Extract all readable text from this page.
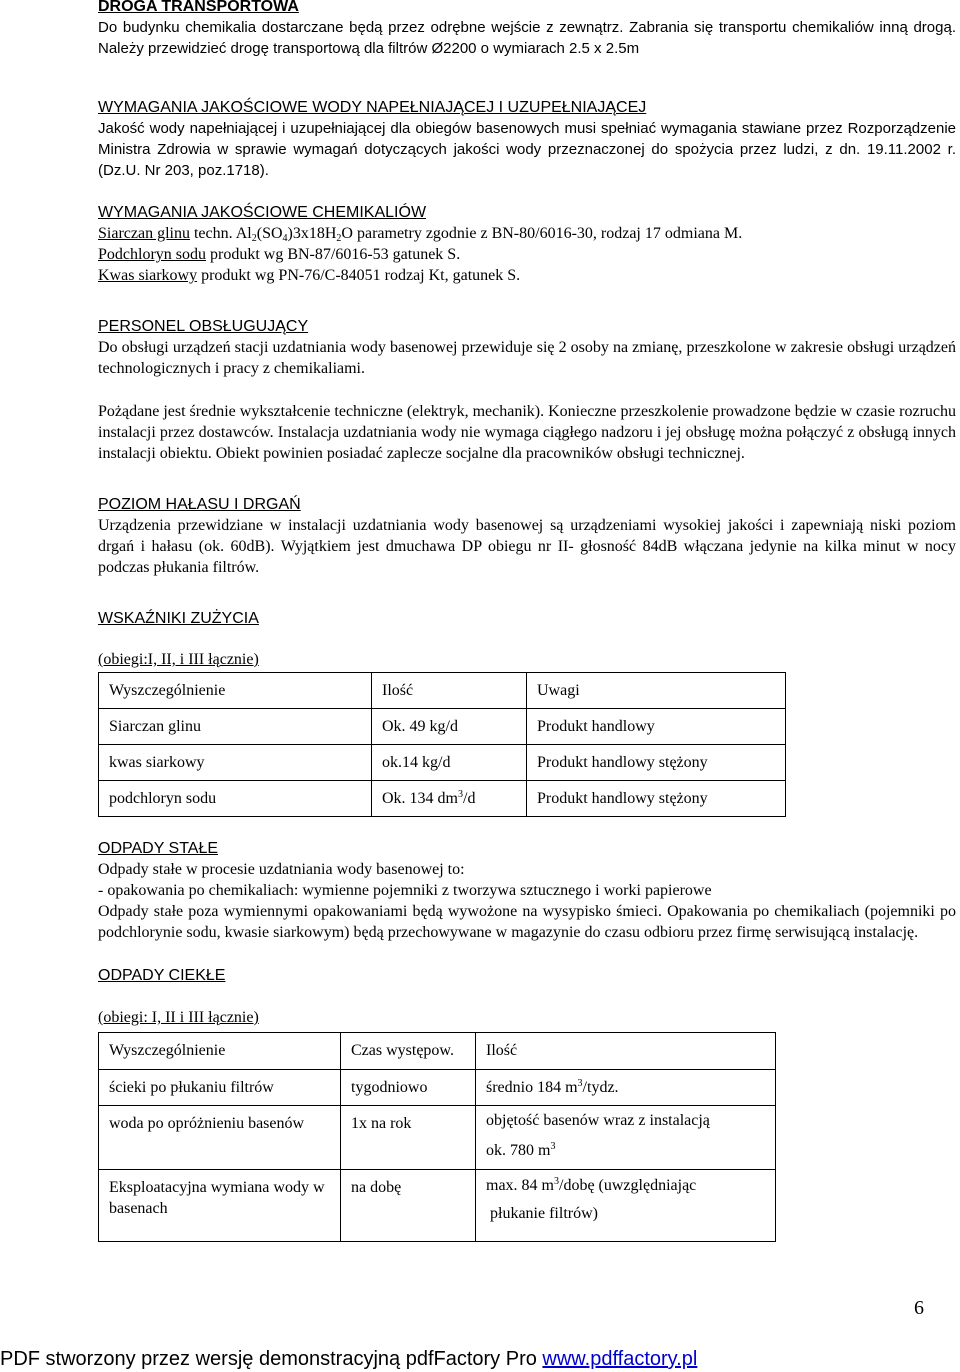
DROGA TRANSPORTOWA

Do budynku chemikalia dostarczane będą przez odrębne wejście z zewnątrz. Zabrania się transportu chemikaliów inną drogą. Należy przewidzieć drogę transportową dla filtrów Ø2200 o wymiarach 2.5 x 2.5m

WYMAGANIA JAKOŚCIOWE WODY NAPEŁNIAJĄCEJ I UZUPEŁNIAJĄCEJ

Jakość wody napełniającej i uzupełniającej dla obiegów basenowych musi spełniać wymagania stawiane przez Rozporządzenie Ministra Zdrowia w sprawie wymagań dotyczących jakości wody przeznaczonej do spożycia przez ludzi, z dn. 19.11.2002 r. (Dz.U. Nr 203, poz.1718).

WYMAGANIA JAKOŚCIOWE CHEMIKALIÓW

Siarczan glinu techn. $Al_2(SO_4)3x18H_2O$ parametry zgodnie z BN-80/6016-30, rodzaj 17 odmiana M.

Podchloryn sodu produkt wg BN-87/6016-53 gatunek S.

Kwas siarkowy produkt wg PN-76/C-84051 rodzaj Kt, gatunek S.

PERSONEL OBSŁUGUJĄCY

Do obsługi urządzeń stacji uzdatniania wody basenowej przewiduje się 2 osoby na zmianę, przeszkolone w zakresie obsługi urządzeń technologicznych i pracy z chemikaliami.

Pożądane jest średnie wykształcenie techniczne (elektryk, mechanik). Konieczne przeszkolenie prowadzone będzie w czasie rozruchu instalacji przez dostawców. Instalacja uzdatniania wody nie wymaga ciągłego nadzoru i jej obsługę można połączyć z obsługą innych instalacji obiektu. Obiekt powinien posiadać zaplecze socjalne dla pracowników obsługi technicznej.

POZIOM HAŁASU I DRGAŃ

Urządzenia przewidziane w instalacji uzdatniania wody basenowej są urządzeniami wysokiej jakości i zapewniają niski poziom drgań i hałasu (ok. 60dB). Wyjątkiem jest dmuchawa DP obiegu nr II- głosność 84dB włączana jedynie na kilka minut w nocy podczas płukania filtrów.

WSKAŹNIKI ZUŻYCIA

(obiegi:I, II, i III łącznie)

Wyszczególnienie	Ilość	Uwagi
Siarczan glinu	Ok. 49 kg/d	Produkt handlowy
kwas siarkowy	ok.14 kg/d	Produkt handlowy stężony
podchloryn sodu	Ok. 134 $dm^3/d$	Produkt handlowy stężony

ODPADY STAŁE

Odpady stałe w procesie uzdatniania wody basenowej to:

- opakowania po chemikaliach: wymienne pojemniki z tworzywa sztucznego i worki papierowe

Odpady stałe poza wymiennymi opakowaniami będą wywożone na wysypisko śmieci. Opakowania po chemikaliach (pojemniki po podchlorynie sodu, kwasie siarkowym) będą przechowywane w magazynie do czasu odbioru przez firmę serwisującą instalację.

ODPADY CIEKŁE

(obiegi: I, II i III łącznie)

Wyszczególnienie	Czas występow.	Ilość
ścieki po płukaniu filtrów	tygodniowo	średnio 184 $m^3$/tydz.
woda po opróżnieniu basenów	1x na rok	objętość basenów wraz z instalacją
ok. 780 $m^3$

Eksploatacyjna wymiana wody w basenach	na dobę	max. 84 $m^3$/dobę (uwzględniając
płukanie filtrów)
6
PDF stworzony przez wersję demonstracyjną pdfFactory Pro www.pdffactory.pl
